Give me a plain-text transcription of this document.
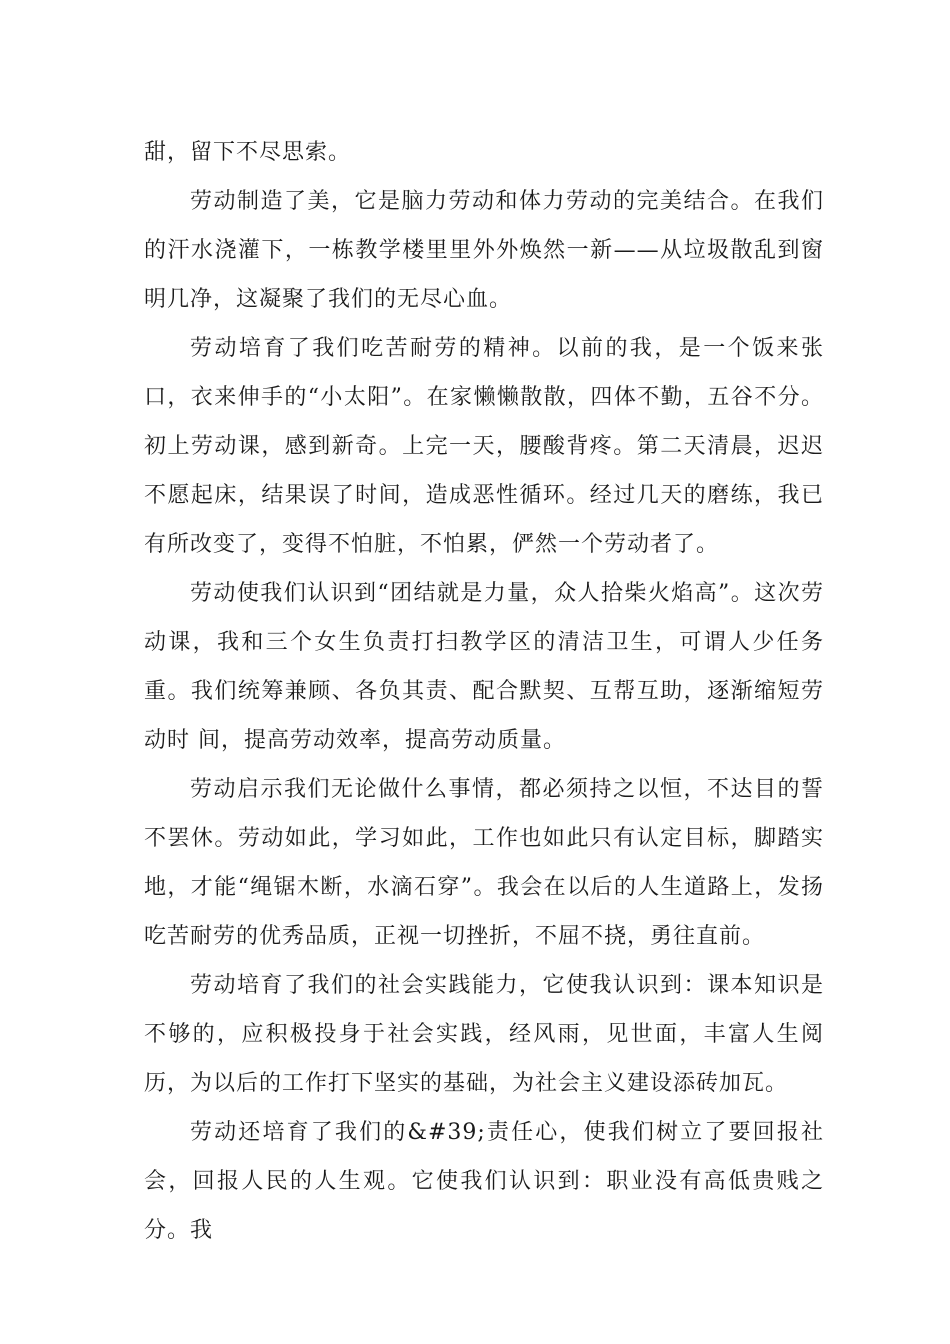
甜，留下不尽思索。

劳动制造了美，它是脑力劳动和体力劳动的完美结合。在我们的汗水浇灌下，一栋教学楼里里外外焕然一新——从垃圾散乱到窗明几净，这凝聚了我们的无尽心血。

劳动培育了我们吃苦耐劳的精神。以前的我，是一个饭来张口，衣来伸手的“小太阳”。在家懒懒散散，四体不勤，五谷不分。初上劳动课，感到新奇。上完一天，腰酸背疼。第二天清晨，迟迟不愿起床，结果误了时间，造成恶性循环。经过几天的磨练，我已有所改变了，变得不怕脏，不怕累，俨然一个劳动者了。

劳动使我们认识到“团结就是力量，众人拾柴火焰高”。这次劳动课，我和三个女生负责打扫教学区的清洁卫生，可谓人少任务重。我们统筹兼顾、各负其责、配合默契、互帮互助，逐渐缩短劳动时 间，提高劳动效率，提高劳动质量。

劳动启示我们无论做什么事情，都必须持之以恒，不达目的誓不罢休。劳动如此，学习如此，工作也如此只有认定目标，脚踏实地，才能“绳锯木断，水滴石穿”。我会在以后的人生道路上，发扬吃苦耐劳的优秀品质，正视一切挫折，不屈不挠，勇往直前。

劳动培育了我们的社会实践能力，它使我认识到：课本知识是不够的，应积极投身于社会实践，经风雨，见世面，丰富人生阅历，为以后的工作打下坚实的基础，为社会主义建设添砖加瓦。

劳动还培育了我们的&#39;责任心，使我们树立了要回报社会，回报人民的人生观。它使我们认识到：职业没有高低贵贱之分。我
